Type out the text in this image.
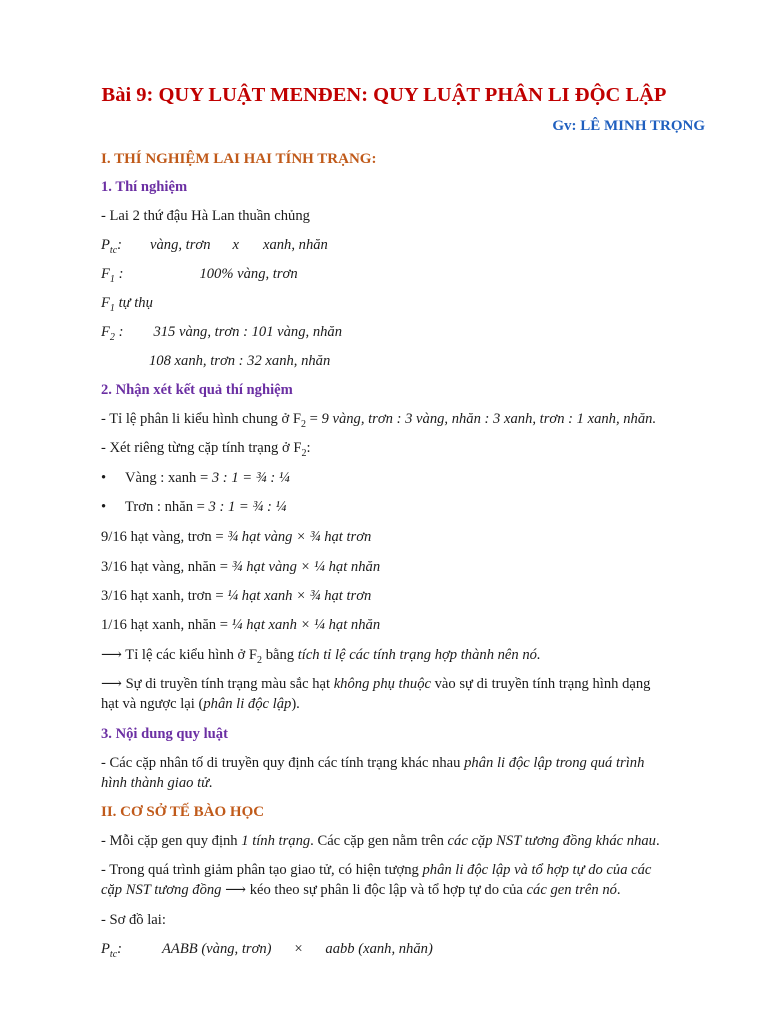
Bài 9: QUY LUẬT MENĐEN: QUY LUẬT PHÂN LI ĐỘC LẬP
Gv: LÊ MINH TRỌNG
I. THÍ NGHIỆM LAI HAI TÍNH TRẠNG:
1. Thí nghiệm
- Lai 2 thứ đậu Hà Lan thuần chủng
$P_{tc}$: vàng, trơn x xanh, nhăn
$F_1$ :	100% vàng, trơn
$F_1$ tự thụ
$F_2$ : 315 vàng, trơn : 101 vàng, nhăn
108 xanh, trơn : 32 xanh, nhăn
2. Nhận xét kết quả thí nghiệm
- Tỉ lệ phân li kiểu hình chung ở $F_2 = 9$ vàng, trơn : 3 vàng, nhăn : 3 xanh, trơn : 1 xanh, nhăn.
- Xét riêng từng cặp tính trạng ở $F_2$:
• Vàng : xanh = 3 : 1 = ¾ : ¼
• Trơn : nhăn = 3 : 1 = ¾ : ¼
9/16 hạt vàng, trơn = ¾ hạt vàng × ¾ hạt trơn
3/16 hạt vàng, nhăn = ¾ hạt vàng × ¼ hạt nhăn
3/16 hạt xanh, trơn = ¼ hạt xanh × ¾ hạt trơn
1/16 hạt xanh, nhăn = ¼ hạt xanh × ¼ hạt nhăn
⟶ Tỉ lệ các kiểu hình ở $F_2$ bằng tích tỉ lệ các tính trạng hợp thành nên nó.
⟶ Sự di truyền tính trạng màu sắc hạt không phụ thuộc vào sự di truyền tính trạng hình dạng
hạt và ngược lại (phân li độc lập).
3. Nội dung quy luật
- Các cặp nhân tố di truyền quy định các tính trạng khác nhau phân li độc lập trong quá trình
hình thành giao tử.
II. CƠ SỞ TẾ BÀO HỌC
- Mỗi cặp gen quy định 1 tính trạng. Các cặp gen nằm trên các cặp NST tương đồng khác nhau.
- Trong quá trình giảm phân tạo giao tử, có hiện tượng phân li độc lập và tổ hợp tự do của các
cặp NST tương đồng ⟶ kéo theo sự phân li độc lập và tổ hợp tự do của các gen trên nó.
- Sơ đồ lai:
$P_{tc}$:	AABB (vàng, trơn) × aabb (xanh, nhăn)
